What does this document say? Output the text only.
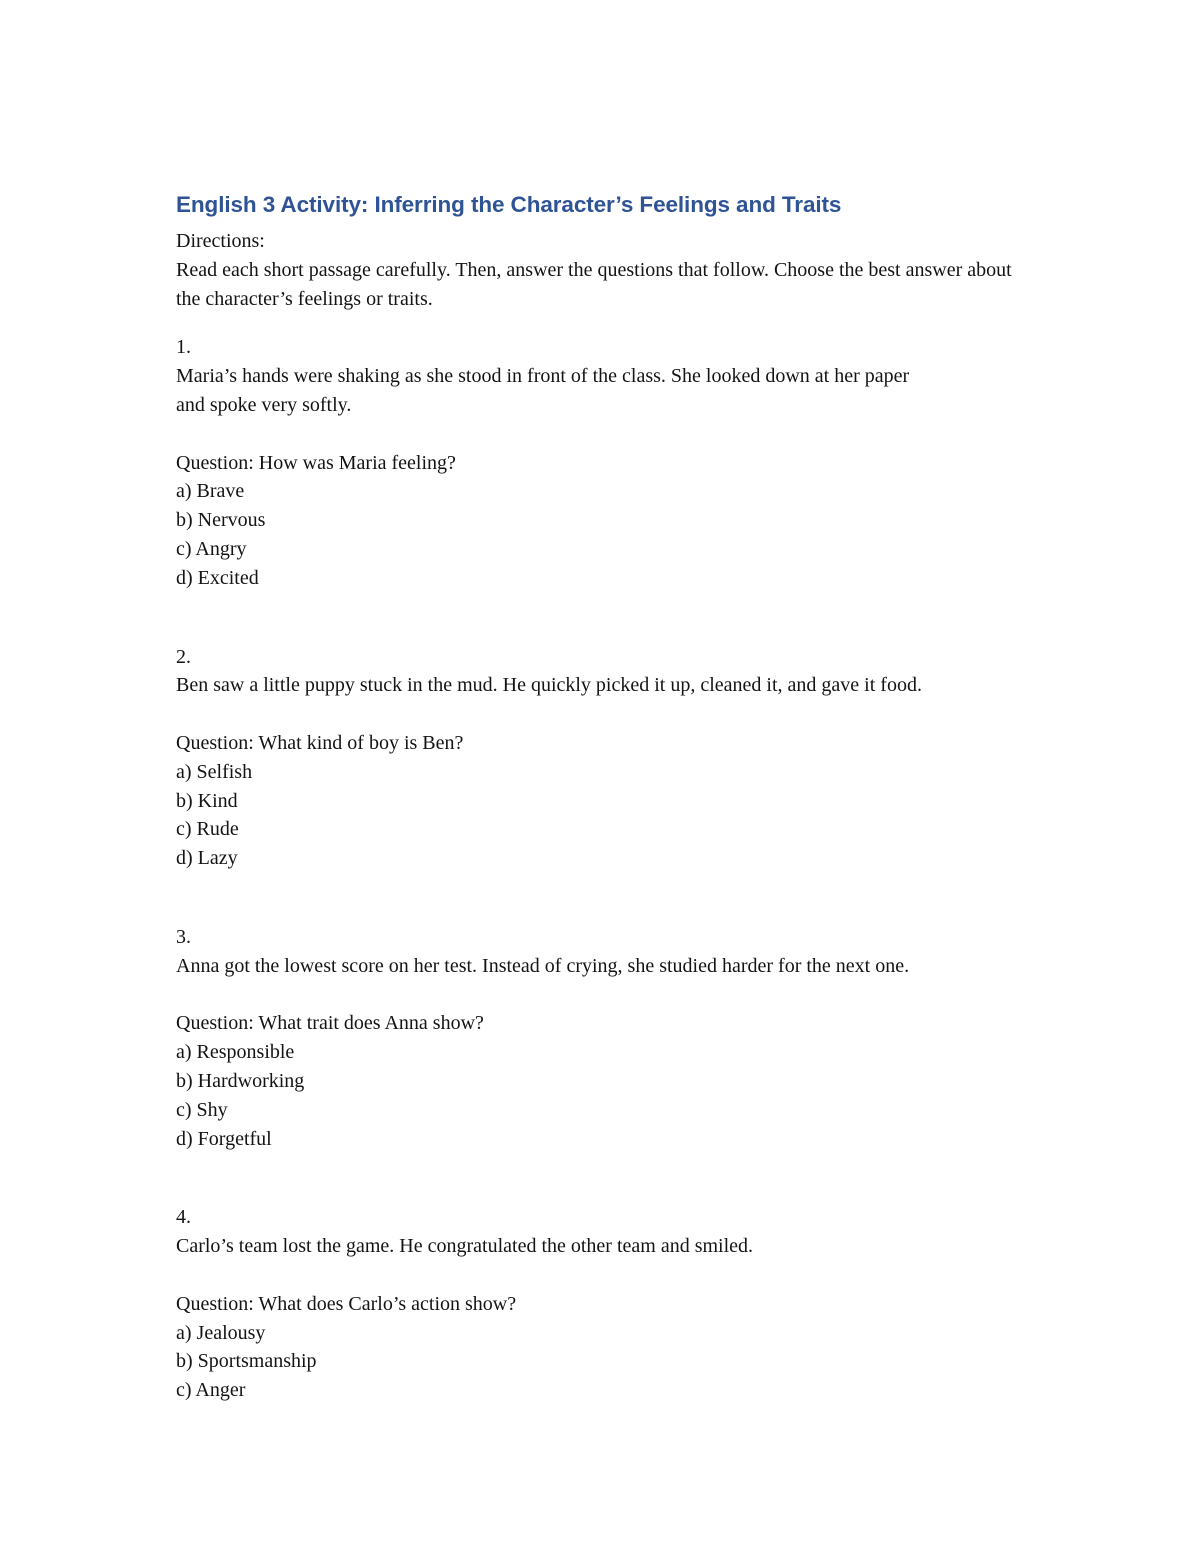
English 3 Activity: Inferring the Character’s Feelings and Traits

Directions:

Read each short passage carefully. Then, answer the questions that follow. Choose the best answer about the character’s feelings or traits.

1.

Maria’s hands were shaking as she stood in front of the class. She looked down at her paper

and spoke very softly.

Question: How was Maria feeling?

a) Brave

b) Nervous

c) Angry

d) Excited

2.

Ben saw a little puppy stuck in the mud. He quickly picked it up, cleaned it, and gave it food.

Question: What kind of boy is Ben?

a) Selfish

b) Kind

c) Rude

d) Lazy

3.

Anna got the lowest score on her test. Instead of crying, she studied harder for the next one.

Question: What trait does Anna show?

a) Responsible

b) Hardworking

c) Shy

d) Forgetful

4.

Carlo’s team lost the game. He congratulated the other team and smiled.

Question: What does Carlo’s action show?

a) Jealousy

b) Sportsmanship

c) Anger
